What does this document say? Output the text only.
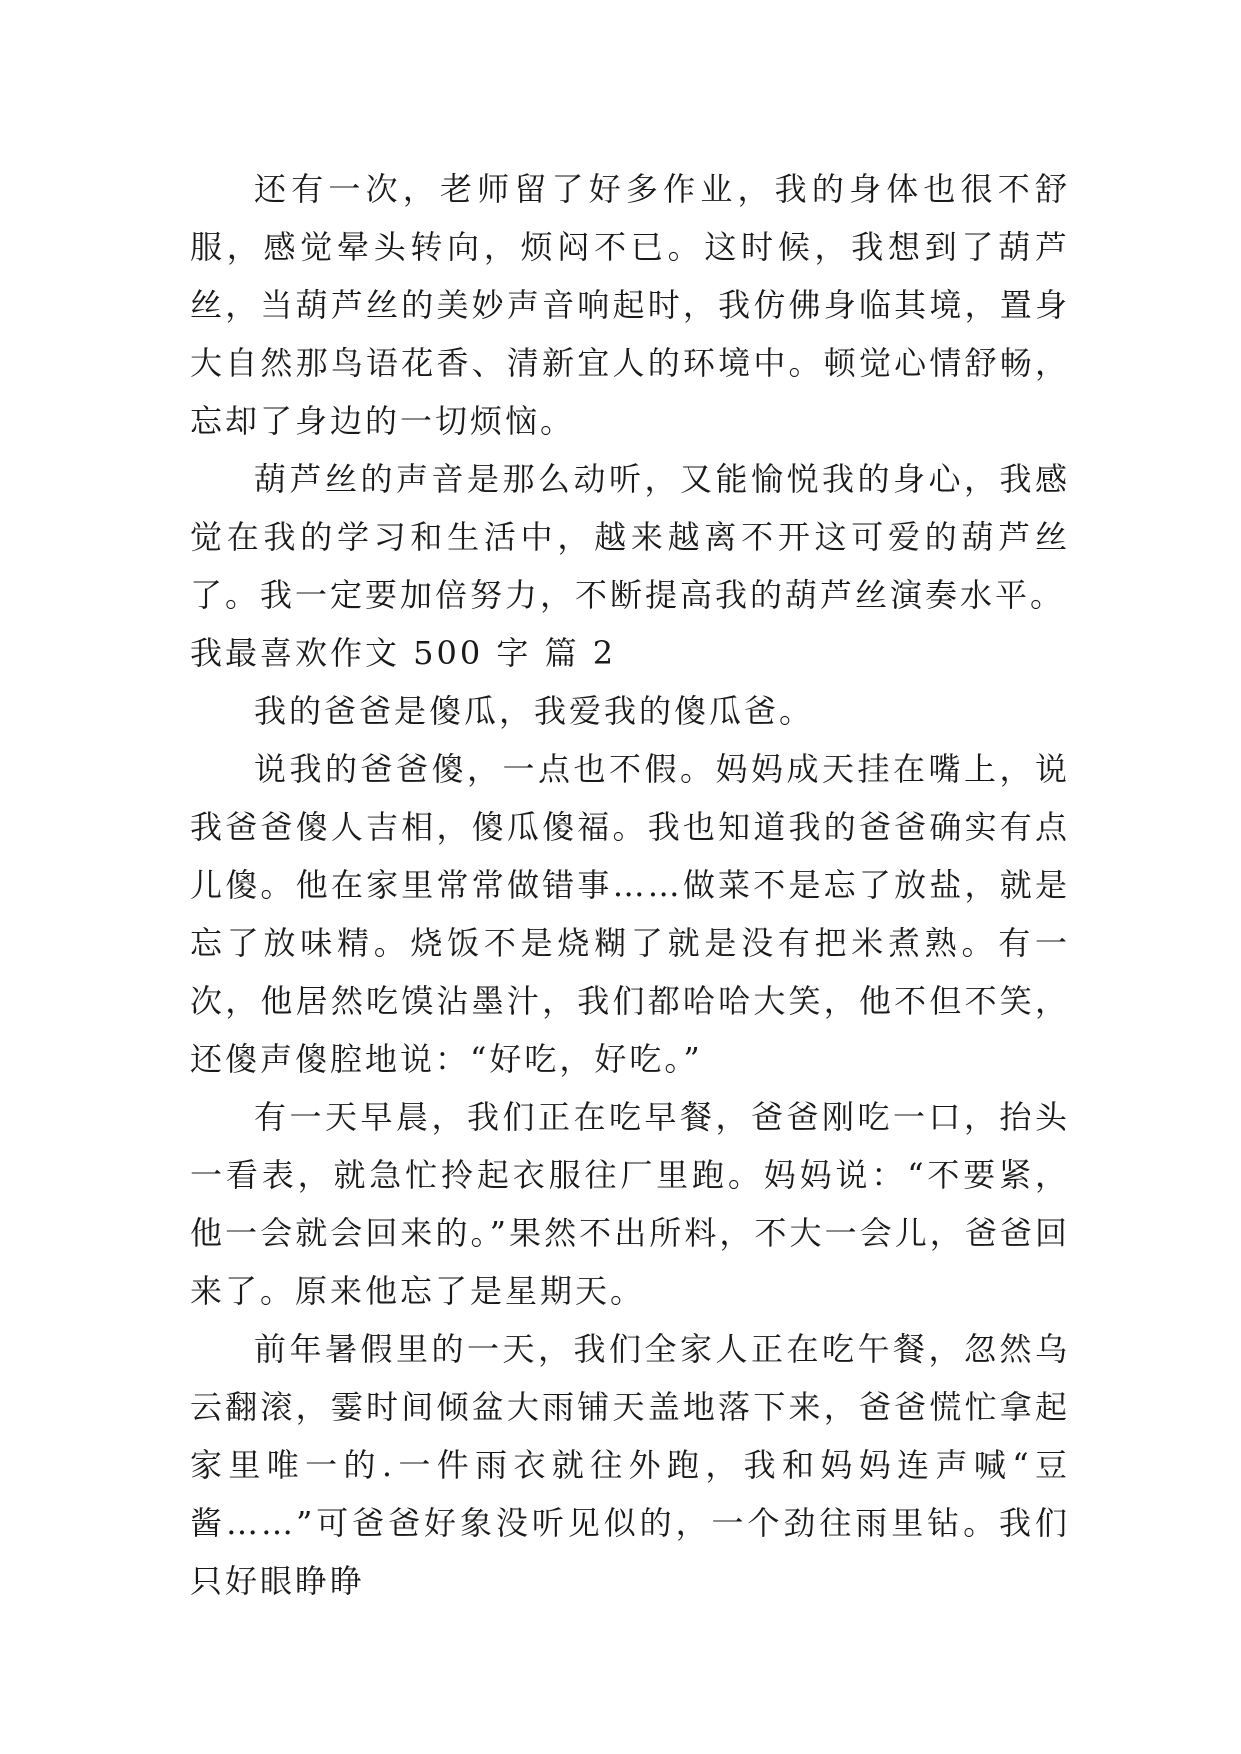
还有一次，老师留了好多作业，我的身体也很不舒服，感觉晕头转向，烦闷不已。这时候，我想到了葫芦丝，当葫芦丝的美妙声音响起时，我仿佛身临其境，置身大自然那鸟语花香、清新宜人的环境中。顿觉心情舒畅，忘却了身边的一切烦恼。

葫芦丝的声音是那么动听，又能愉悦我的身心，我感觉在我的学习和生活中，越来越离不开这可爱的葫芦丝了。我一定要加倍努力，不断提高我的葫芦丝演奏水平。

我最喜欢作文 500 字 篇 2

我的爸爸是傻瓜，我爱我的傻瓜爸。

说我的爸爸傻，一点也不假。妈妈成天挂在嘴上，说我爸爸傻人吉相，傻瓜傻福。我也知道我的爸爸确实有点儿傻。他在家里常常做错事……做菜不是忘了放盐，就是忘了放味精。烧饭不是烧糊了就是没有把米煮熟。有一次，他居然吃馍沾墨汁，我们都哈哈大笑，他不但不笑，还傻声傻腔地说：“好吃，好吃。”

有一天早晨，我们正在吃早餐，爸爸刚吃一口，抬头一看表，就急忙拎起衣服往厂里跑。妈妈说：“不要紧，他一会就会回来的。”果然不出所料，不大一会儿，爸爸回来了。原来他忘了是星期天。

前年暑假里的一天，我们全家人正在吃午餐，忽然乌云翻滚，霎时间倾盆大雨铺天盖地落下来，爸爸慌忙拿起家里唯一的.一件雨衣就往外跑，我和妈妈连声喊“豆酱……”可爸爸好象没听见似的，一个劲往雨里钻。我们只好眼睁睁
